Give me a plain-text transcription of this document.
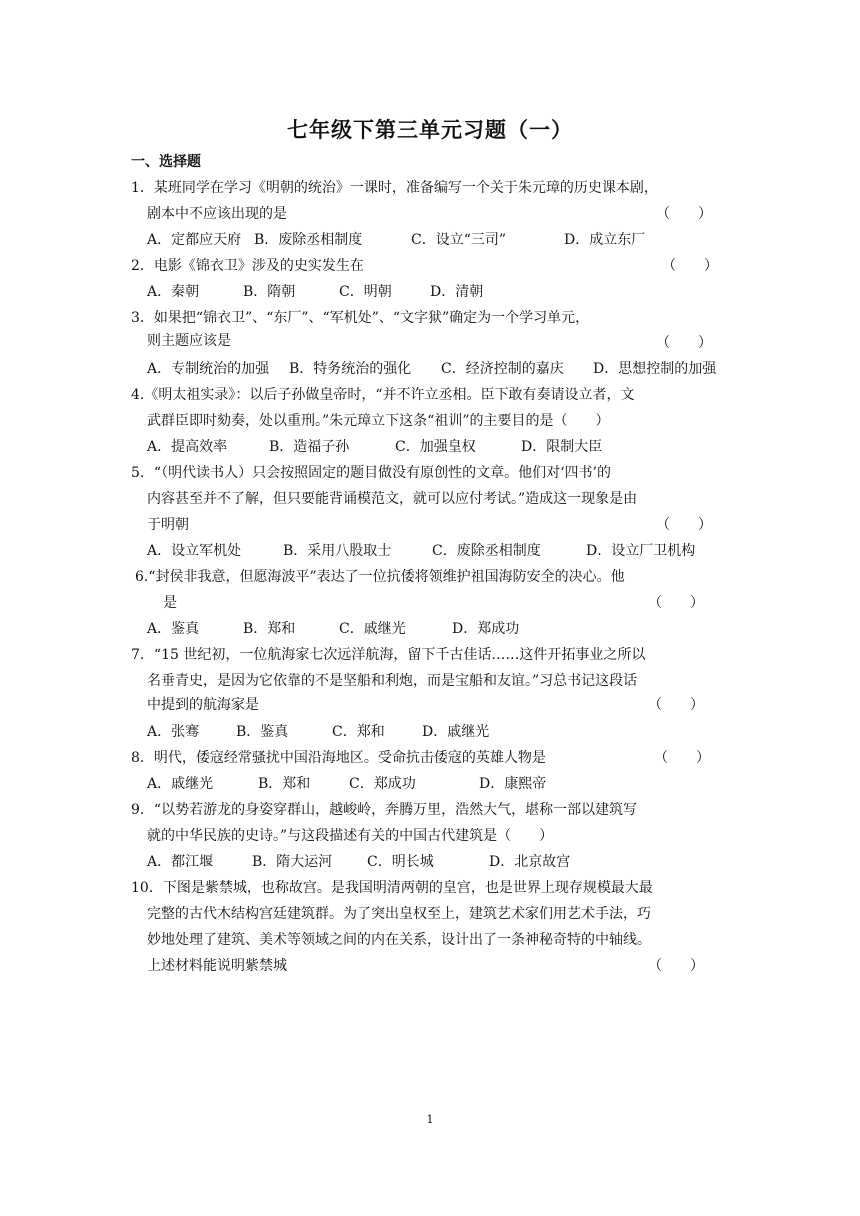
七年级下第三单元习题（一）
一、选择题
1．某班同学在学习《明朝的统治》一课时，准备编写一个关于朱元璋的历史课本剧，
剧本中不应该出现的是	（　　）
A．定都应天府 B．废除丞相制度	C．设立“三司”	D．成立东厂
2．电影《锦衣卫》涉及的史实发生在	（　　）
A．秦朝	B．隋朝	C．明朝	D．清朝
3．如果把“锦衣卫”、“东厂”、“军机处”、“文字狱”确定为一个学习单元，
则主题应该是	（　　）
A．专制统治的加强 B．特务统治的强化 C．经济控制的嘉庆 D．思想控制的加强
4.《明太祖实录》：以后子孙做皇帝时，“并不许立丞相。臣下敢有奏请设立者，文
武群臣即时劾奏，处以重刑。”朱元璋立下这条“祖训”的主要目的是（　　）
A．提高效率	B．造福子孙	C．加强皇权	D．限制大臣
5．“（明代读书人）只会按照固定的题目做没有原创性的文章。他们对‘四书’的
内容甚至并不了解，但只要能背诵模范文，就可以应付考试。”造成这一现象是由
于明朝	（　　）
A．设立军机处	B．采用八股取士	C．废除丞相制度	D．设立厂卫机构
6.“封侯非我意，但愿海波平”表达了一位抗倭将领维护祖国海防安全的决心。他
是	（　　）
A．鉴真	B．郑和	C．戚继光	D．郑成功
7．“15 世纪初，一位航海家七次远洋航海，留下千古佳话……这件开拓事业之所以
名垂青史，是因为它依靠的不是坚船和利炮，而是宝船和友谊。”习总书记这段话
中提到的航海家是	（　　）
A．张骞	B．鉴真	C．郑和	D．戚继光
8．明代，倭寇经常骚扰中国沿海地区。受命抗击倭寇的英雄人物是	（　　）
A．戚继光	B．郑和	C．郑成功	D．康熙帝
9．“以势若游龙的身姿穿群山，越峻岭，奔腾万里，浩然大气，堪称一部以建筑写
就的中华民族的史诗。”与这段描述有关的中国古代建筑是（　　）
A．都江堰	B．隋大运河 C．明长城	D．北京故宫
10．下图是紫禁城，也称故宫。是我国明清两朝的皇宫，也是世界上现存规模最大最
完整的古代木结构宫廷建筑群。为了突出皇权至上，建筑艺术家们用艺术手法，巧
妙地处理了建筑、美术等领域之间的内在关系，设计出了一条神秘奇特的中轴线。
上述材料能说明紫禁城	（　　）
1
